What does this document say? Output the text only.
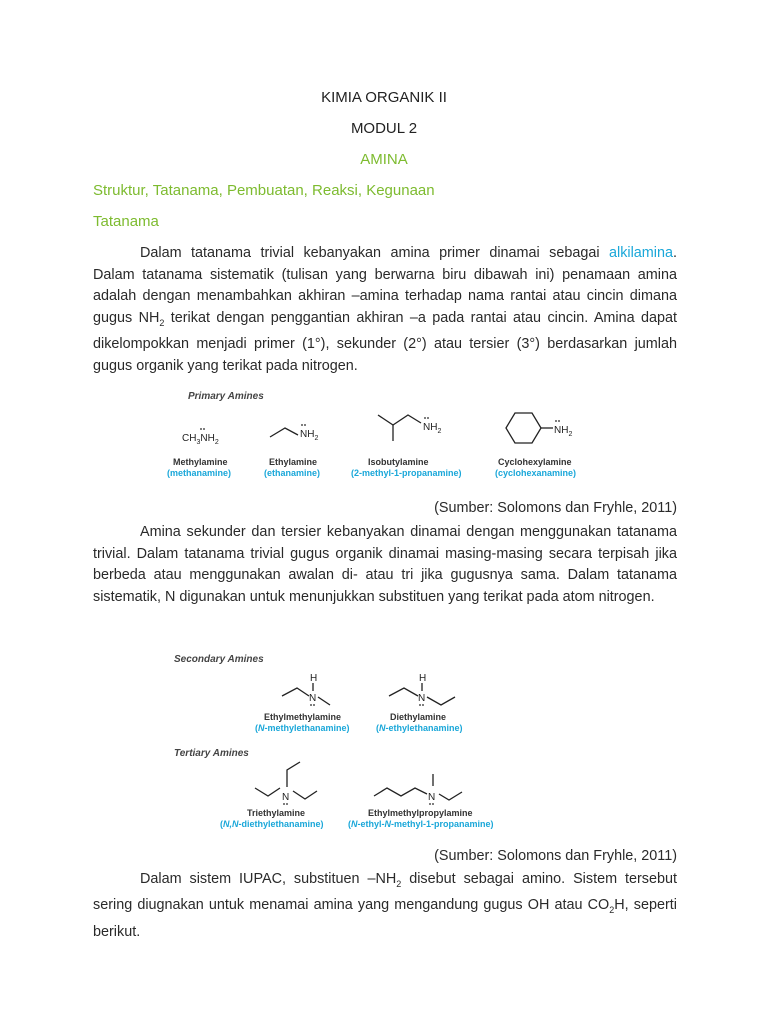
KIMIA ORGANIK II
MODUL 2
AMINA
Struktur, Tatanama, Pembuatan, Reaksi, Kegunaan
Tatanama
Dalam tatanama trivial kebanyakan amina primer dinamai sebagai alkilamina. Dalam tatanama sistematik (tulisan yang berwarna biru dibawah ini) penamaan amina adalah dengan menambahkan akhiran –amina terhadap nama rantai atau cincin dimana gugus $NH_2$ terikat dengan penggantian akhiran –a pada rantai atau cincin. Amina dapat dikelompokkan menjadi primer (1°), sekunder (2°) atau tersier (3°) berdasarkan jumlah gugus organik yang terikat pada nitrogen.
Primary Amines
$CH_3NH_2$
Methylamine
(methanamine)
$NH_2$
Ethylamine
(ethanamine)
$NH_2$
Isobutylamine
(2-methyl-1-propanamine)
$NH_2$
Cyclohexylamine
(cyclohexanamine)
(Sumber: Solomons dan Fryhle, 2011)
Amina sekunder dan tersier kebanyakan dinamai dengan menggunakan tatanama trivial. Dalam tatanama trivial gugus organik dinamai masing-masing secara terpisah jika berbeda atau menggunakan awalan di- atau tri jika gugusnya sama. Dalam tatanama sistematik, N digunakan untuk menunjukkan substituen yang terikat pada atom nitrogen.
Secondary Amines
H
N
Ethylmethylamine
(N-methylethanamine)
H
N
Diethylamine
(N-ethylethanamine)
Tertiary Amines
N
Triethylamine
(N,N-diethylethanamine)
N
Ethylmethylpropylamine
(N-ethyl-N-methyl-1-propanamine)
(Sumber: Solomons dan Fryhle, 2011)
Dalam sistem IUPAC, substituen $-NH_2$ disebut sebagai amino. Sistem tersebut sering diugnakan untuk menamai amina yang mengandung gugus OH atau $CO_2H$, seperti berikut.
